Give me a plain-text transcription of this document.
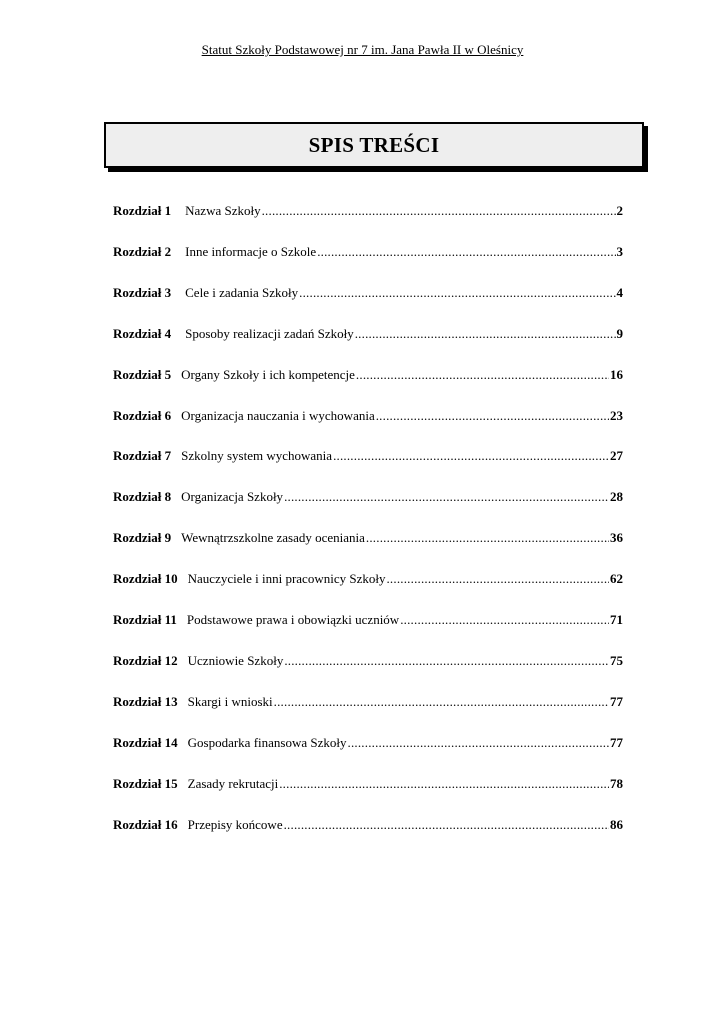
Statut Szkoły Podstawowej nr 7 im. Jana Pawła II w Oleśnicy
SPIS TREŚCI
Rozdział 1 Nazwa Szkoły .....	2
Rozdział 2 Inne informacje o Szkole .....	3
Rozdział 3 Cele i zadania Szkoły .....	4
Rozdział 4 Sposoby realizacji zadań Szkoły .....	9
Rozdział 5 Organy Szkoły i ich kompetencje .....	16
Rozdział 6 Organizacja nauczania i wychowania .....	23
Rozdział 7 Szkolny system wychowania .....	27
Rozdział 8 Organizacja Szkoły .....	28
Rozdział 9 Wewnątrzszkolne zasady oceniania .....	36
Rozdział 10 Nauczyciele i inni pracownicy Szkoły .....	62
Rozdział 11 Podstawowe prawa i obowiązki uczniów .....	71
Rozdział 12 Uczniowie Szkoły .....	75
Rozdział 13 Skargi i wnioski .....	77
Rozdział 14 Gospodarka finansowa Szkoły .....	77
Rozdział 15 Zasady rekrutacji .....	78
Rozdział 16 Przepisy końcowe .....	86
